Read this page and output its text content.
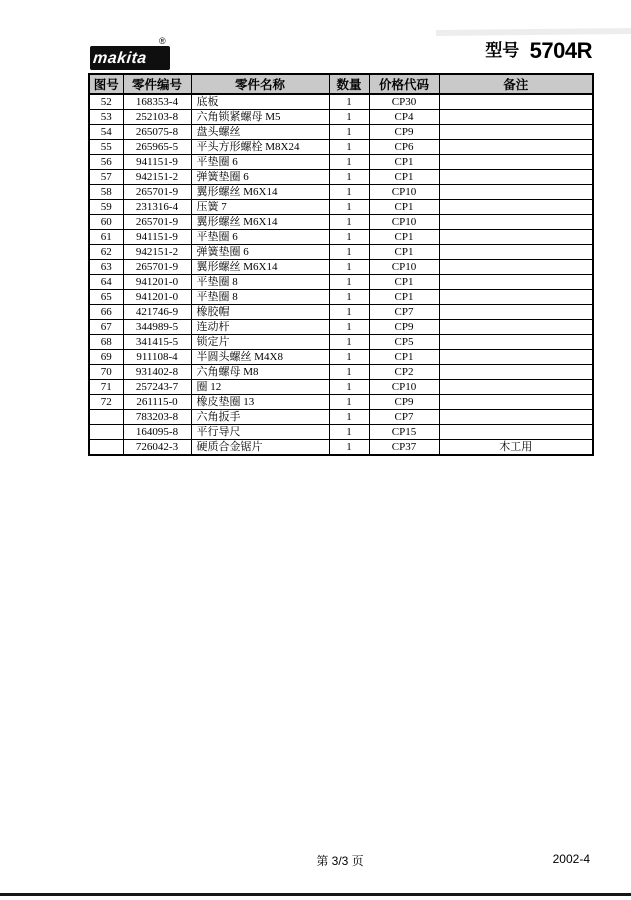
makita
®	型号 5704R
图号	零件编号	零件名称	数量	价格代码	备注
52	168353-4	底板	1	CP30	
53	252103-8	六角锁紧螺母 M5	1	CP4	
54	265075-8	盘头螺丝	1	CP9	
55	265965-5	平头方形螺栓 M8X24	1	CP6	
56	941151-9	平垫圈 6	1	CP1	
57	942151-2	弹簧垫圈 6	1	CP1	
58	265701-9	翼形螺丝 M6X14	1	CP10	
59	231316-4	压簧 7	1	CP1	
60	265701-9	翼形螺丝 M6X14	1	CP10	
61	941151-9	平垫圈 6	1	CP1	
62	942151-2	弹簧垫圈 6	1	CP1	
63	265701-9	翼形螺丝 M6X14	1	CP10	
64	941201-0	平垫圈 8	1	CP1	
65	941201-0	平垫圈 8	1	CP1	
66	421746-9	橡胶帽	1	CP7	
67	344989-5	连动杆	1	CP9	
68	341415-5	锁定片	1	CP5	
69	911108-4	半圆头螺丝 M4X8	1	CP1	
70	931402-8	六角螺母 M8	1	CP2	
71	257243-7	圈 12	1	CP10	
72	261115-0	橡皮垫圈 13	1	CP9	
	783203-8	六角扳手	1	CP7	
	164095-8	平行导尺	1	CP15	
	726042-3	硬质合金锯片	1	CP37	木工用
第 3/3 页	2002-4
